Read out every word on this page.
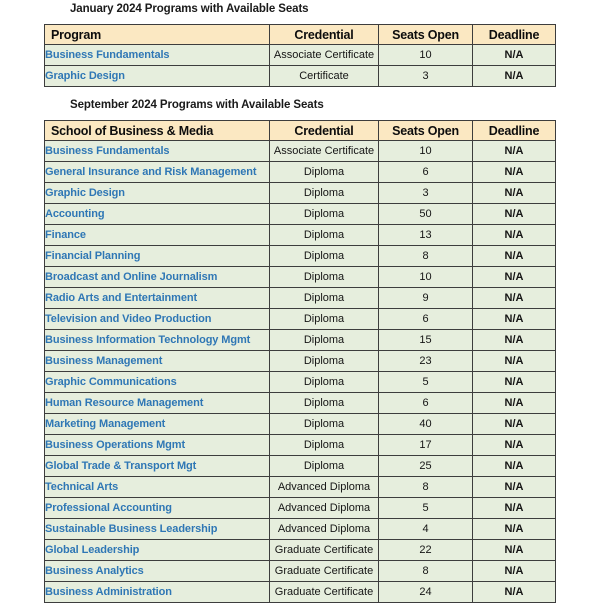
January 2024 Programs with Available Seats
Program	Credential	Seats Open	Deadline
Business Fundamentals	Associate Certificate	10	N/A
Graphic Design	Certificate	3	N/A
September 2024 Programs with Available Seats
School of Business & Media	Credential	Seats Open	Deadline
Business Fundamentals	Associate Certificate	10	N/A
General Insurance and Risk Management	Diploma	6	N/A
Graphic Design	Diploma	3	N/A
Accounting	Diploma	50	N/A
Finance	Diploma	13	N/A
Financial Planning	Diploma	8	N/A
Broadcast and Online Journalism	Diploma	10	N/A
Radio Arts and Entertainment	Diploma	9	N/A
Television and Video Production	Diploma	6	N/A
Business Information Technology Mgmt	Diploma	15	N/A
Business Management	Diploma	23	N/A
Graphic Communications	Diploma	5	N/A
Human Resource Management	Diploma	6	N/A
Marketing Management	Diploma	40	N/A
Business Operations Mgmt	Diploma	17	N/A
Global Trade & Transport Mgt	Diploma	25	N/A
Technical Arts	Advanced Diploma	8	N/A
Professional Accounting	Advanced Diploma	5	N/A
Sustainable Business Leadership	Advanced Diploma	4	N/A
Global Leadership	Graduate Certificate	22	N/A
Business Analytics	Graduate Certificate	8	N/A
Business Administration	Graduate Certificate	24	N/A
